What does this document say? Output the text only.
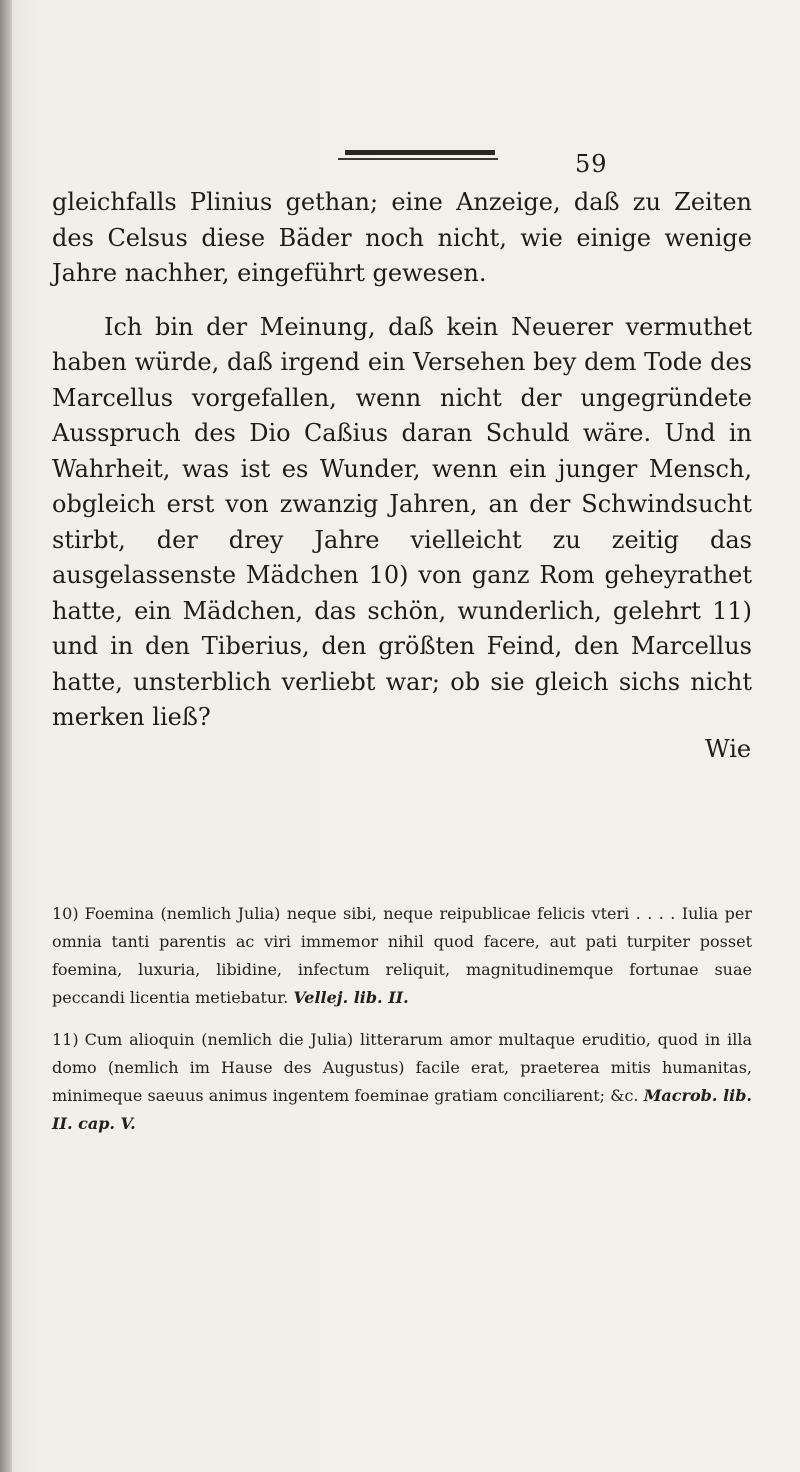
59

gleichfalls Plinius gethan; eine Anzeige, daß zu Zeiten des Celsus diese Bäder noch nicht, wie einige wenige Jahre nachher, eingeführt gewesen.

Ich bin der Meinung, daß kein Neuerer vermuthet haben würde, daß irgend ein Versehen bey dem Tode des Marcellus vorgefallen, wenn nicht der ungegründete Ausspruch des Dio Caßius daran Schuld wäre. Und in Wahrheit, was ist es Wunder, wenn ein junger Mensch, obgleich erst von zwanzig Jahren, an der Schwindsucht stirbt, der drey Jahre vielleicht zu zeitig das ausgelassenste Mädchen 10) von ganz Rom geheyrathet hatte, ein Mädchen, das schön, wunderlich, gelehrt 11) und in den Tiberius, den größten Feind, den Marcellus hatte, unsterblich verliebt war; ob sie gleich sichs nicht merken ließ?

Wie

10) Foemina (nemlich Julia) neque sibi, neque reipublicae felicis vteri . . . . Iulia per omnia tanti parentis ac viri immemor nihil quod facere, aut pati turpiter posset foemina, luxuria, libidine, infectum reliquit, magnitudinemque fortunae suae peccandi licentia metiebatur. Vellej. lib. II.

11) Cum alioquin (nemlich die Julia) litterarum amor multaque eruditio, quod in illa domo (nemlich im Hause des Augustus) facile erat, praeterea mitis humanitas, minimeque saeuus animus ingentem foeminae gratiam conciliarent; &c. Macrob. lib. II. cap. V.
